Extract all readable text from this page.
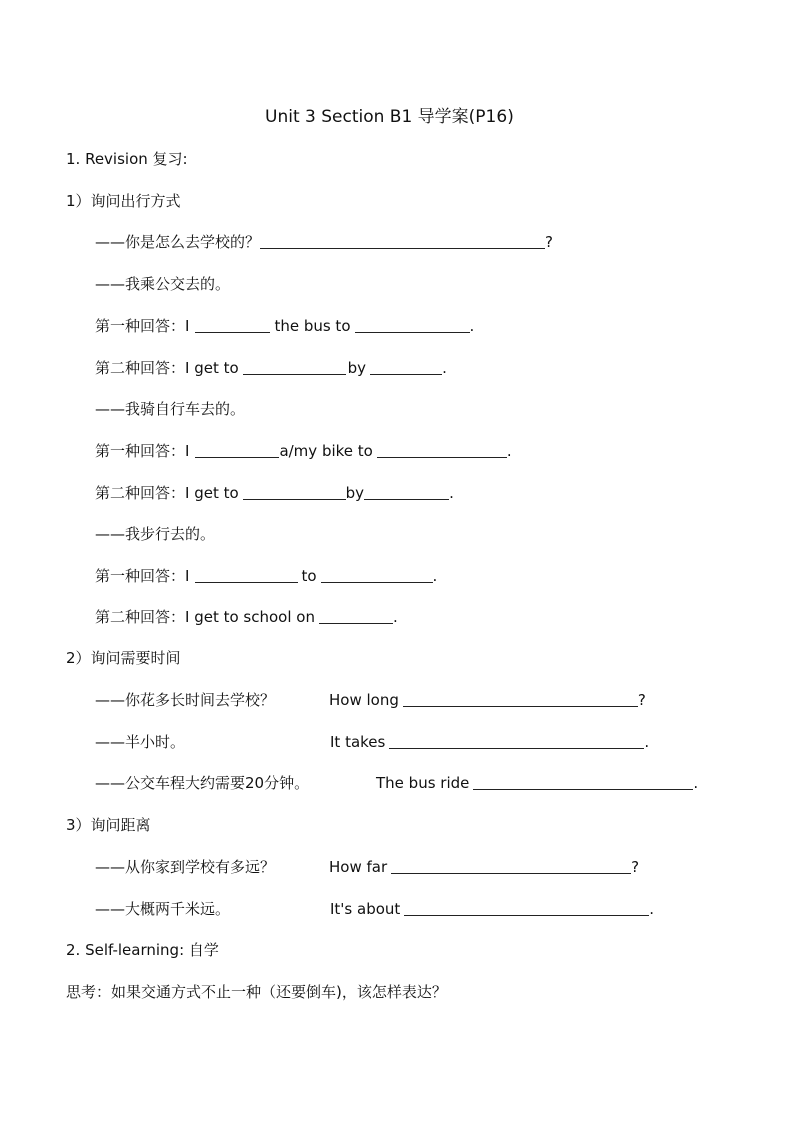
Unit 3 Section B1 导学案(P16)
1. Revision 复习:
1）询问出行方式
——你是怎么去学校的？	?
——我乘公交去的。
第一种回答：I	the bus to	.
第二种回答：I get to	by	.
——我骑自行车去的。
第一种回答：I	a/my bike to	.
第二种回答：I get to	by	.
——我步行去的。
第一种回答：I	to	.
第二种回答：I get to school on	.
2）询问需要时间
——你花多长时间去学校？	How long	?
——半小时。	It takes	.
——公交车程大约需要20分钟。	The bus ride	.
3）询问距离
——从你家到学校有多远？	How far	?
——大概两千米远。	It's about	.
2. Self-learning: 自学
思考：如果交通方式不止一种（还要倒车)，该怎样表达？
